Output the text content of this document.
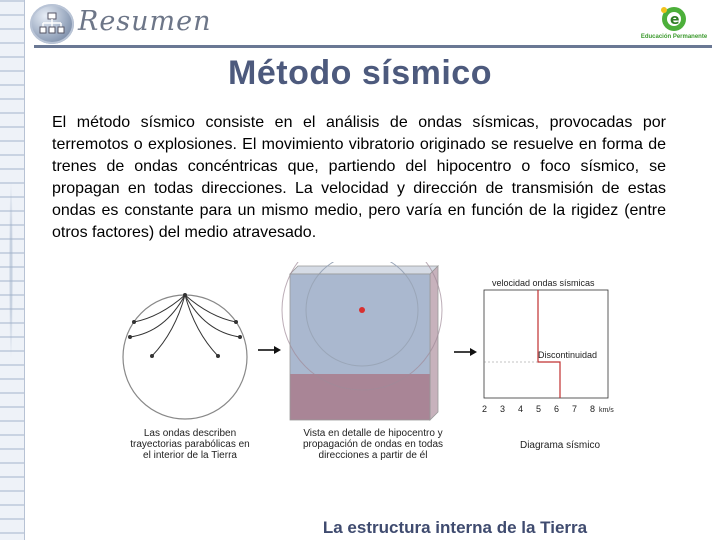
Resumen	e
Educación Permanente
Método sísmico
El método sísmico consiste en el análisis de ondas sísmicas, provocadas por terremotos o explosiones. El movimiento vibratorio originado se resuelve en forma de trenes de ondas concéntricas que, partiendo del hipocentro o foco sísmico, se propagan en todas direcciones. La velocidad y dirección de transmisión de estas ondas es constante para un mismo medio, pero varía en función de la rigidez (entre otros factores) del medio atravesado.
velocidad ondas sísmicas
Discontinuidad
2 3 4 5 6 7 8 km/s
Las ondas describen trayectorias parabólicas en el interior de la Tierra
Vista en detalle de hipocentro y propagación de ondas en todas direcciones a partir de él
Diagrama sísmico
La estructura interna de la Tierra
